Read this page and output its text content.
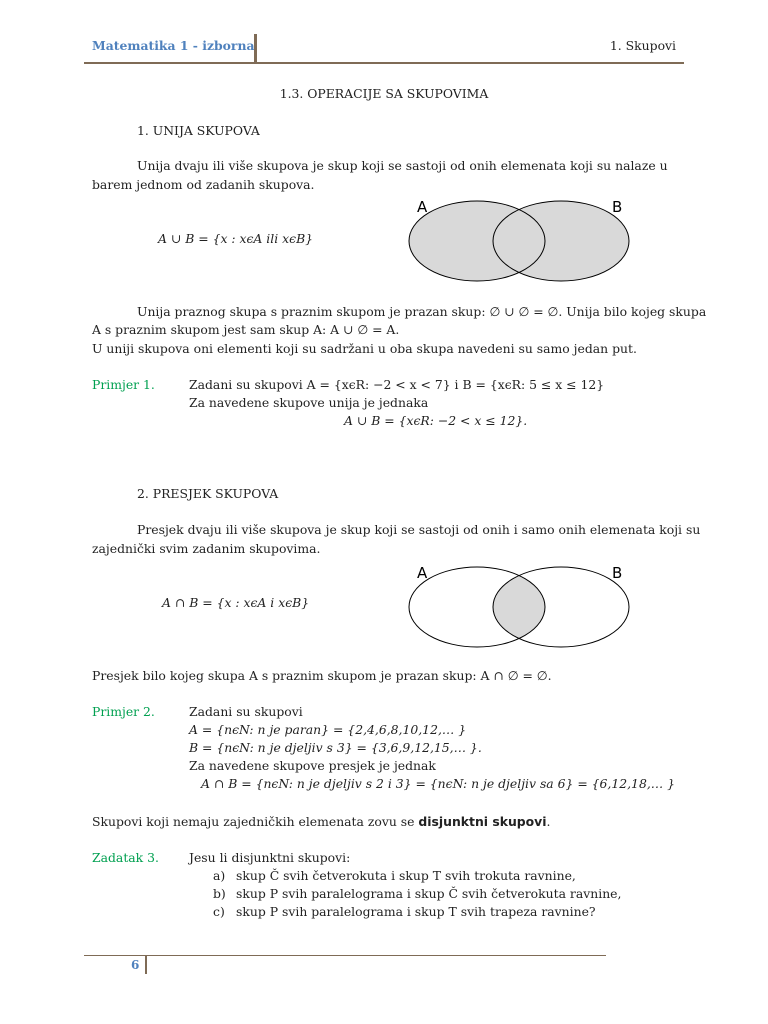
Matematika 1 - izborna	1. Skupovi
1.3. OPERACIJE SA SKUPOVIMA
1. UNIJA SKUPOVA
Unija dvaju ili više skupova je skup koji se sastoji od onih elemenata koji su nalaze u
barem jednom od zadanih skupova.
A ∪ B = {x : xϵA ili xϵB}
A	B
Unija praznog skupa s praznim skupom je prazan skup: ∅ ∪ ∅ = ∅. Unija bilo kojeg skupa
A s praznim skupom jest sam skup A: A ∪ ∅ = A.
U uniji skupova oni elementi koji su sadržani u oba skupa navedeni su samo jedan put.
Primjer 1.	Zadani su skupovi A = {xϵR: −2 < x < 7} i B = {xϵR: 5 ≤ x ≤ 12}
Za navedene skupove unija je jednaka
A ∪ B = {xϵR: −2 < x ≤ 12}.
2. PRESJEK SKUPOVA
Presjek dvaju ili više skupova je skup koji se sastoji od onih i samo onih elemenata koji su
zajednički svim zadanim skupovima.
A ∩ B = {x : xϵA i xϵB}
A	B
Presjek bilo kojeg skupa A s praznim skupom je prazan skup: A ∩ ∅ = ∅.
Primjer 2.	Zadani su skupovi
A = {nϵN: n je paran} = {2,4,6,8,10,12,… }
B = {nϵN: n je djeljiv s 3} = {3,6,9,12,15,… }.
Za navedene skupove presjek je jednak
A ∩ B = {nϵN: n je djeljiv s 2 i 3} = {nϵN: n je djeljiv sa 6} = {6,12,18,… }
Skupovi koji nemaju zajedničkih elemenata zovu se disjunktni skupovi.
Zadatak 3. Jesu li disjunktni skupovi:
a) skup Č svih četverokuta i skup T svih trokuta ravnine,
b) skup P svih paralelograma i skup Č svih četverokuta ravnine,
c) skup P svih paralelograma i skup T svih trapeza ravnine?
6
